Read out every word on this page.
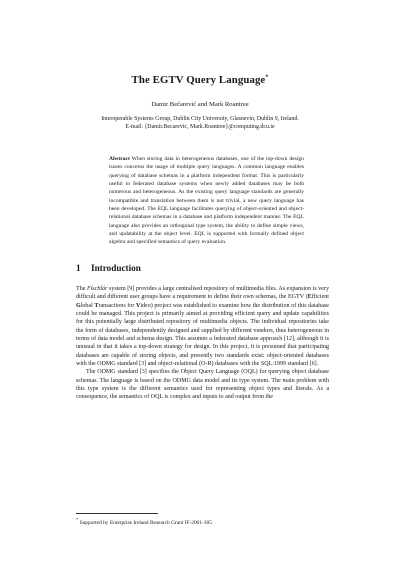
The EGTV Query Language*
Damir Bečarević and Mark Roantree
Interoperable Systems Group, Dublin City University, Glasnevin, Dublin 9, Ireland.
E-mail: {Damir.Becarevic, Mark.Roantree}@computing.dcu.ie
Abstract When storing data in heterogeneous databases, one of the top-down design issues concerns the usage of multiple query languages. A common language enables querying of database schemas in a platform independent format. This is particularly useful in federated database systems when newly added databases may be both numerous and heterogeneous. As the existing query language standards are generally incompatible and translation between them is not trivial, a new query language has been developed. The EQL language facilitates querying of object-oriented and object-relational database schemas in a database and platform independent manner. The EQL language also provides an orthogonal type system, the ability to define simple views, and updatability at the object level. EQL is supported with formally defined object algebra and specified semantics of query evaluation.
1 Introduction

The Físchlár system [9] provides a large centralised repository of multimedia files. As expansion is very difficult and different user groups have a requirement to define their own schemas, the EGTV (Efficient Global Transactions for Video) project was established to examine how the distribution of this database could be managed. This project is primarily aimed at providing efficient query and update capabilities for this potentially large distributed repository of multimedia objects. The individual repositories take the form of databases, independently designed and supplied by different vendors, thus heterogeneous in terms of data model and schema design. This assumes a federated database approach [12], although it is unusual in that it takes a top-down strategy for design. In this project, it is presumed that participating databases are capable of storing objects, and presently two standards exist: object-oriented databases with the ODMG standard [3] and object-relational (O-R) databases with the SQL:1999 standard [6].

The ODMG standard [3] specifies the Object Query Language (OQL) for querying object database schemas. The language is based on the ODMG data model and its type system. The main problem with this type system is the different semantics used for representing object types and literals. As a consequence, the semantics of OQL is complex and inputs to and output from the

* Supported by Enterprise Ireland Research Grant IF-2001-305
